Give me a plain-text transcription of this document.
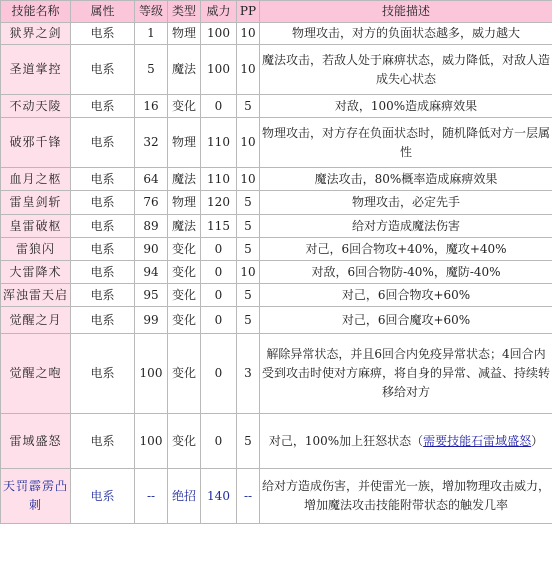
技能名称	属性	等级	类型	威力	PP	技能描述
狱界之剑	电系	1	物理	100	10	物理攻击，对方的负面状态越多，威力越大
圣道掌控	电系	5	魔法	100	10	魔法攻击，若敌人处于麻痹状态，威力降低，对敌人造成失心状态
不动天陵	电系	16	变化	0	5	对敌，100%造成麻痹效果
破邪千锋	电系	32	物理	110	10	物理攻击，对方存在负面状态时，随机降低对方一层属性
血月之柩	电系	64	魔法	110	10	魔法攻击，80%概率造成麻痹效果
雷皇剑斩	电系	76	物理	120	5	物理攻击，必定先手
皇雷破枢	电系	89	魔法	115	5	给对方造成魔法伤害
雷狼闪	电系	90	变化	0	5	对己，6回合物攻+40%，魔攻+40%
大雷降术	电系	94	变化	0	10	对敌，6回合物防-40%，魔防-40%
浑浊雷天启	电系	95	变化	0	5	对己，6回合物攻+60%
觉醒之月	电系	99	变化	0	5	对己，6回合魔攻+60%
觉醒之咆	电系	100	变化	0	3	解除异常状态，并且6回合内免疫异常状态；4回合内受到攻击时使对方麻痹，将自身的异常、减益、持续转移给对方
雷域盛怒	电系	100	变化	0	5	对己，100%加上狂怒状态（需要技能石雷域盛怒）
天罚霹雳凸刺	电系	--	绝招	140	--	给对方造成伤害，并使雷光一族，增加物理攻击威力，增加魔法攻击技能附带状态的触发几率
